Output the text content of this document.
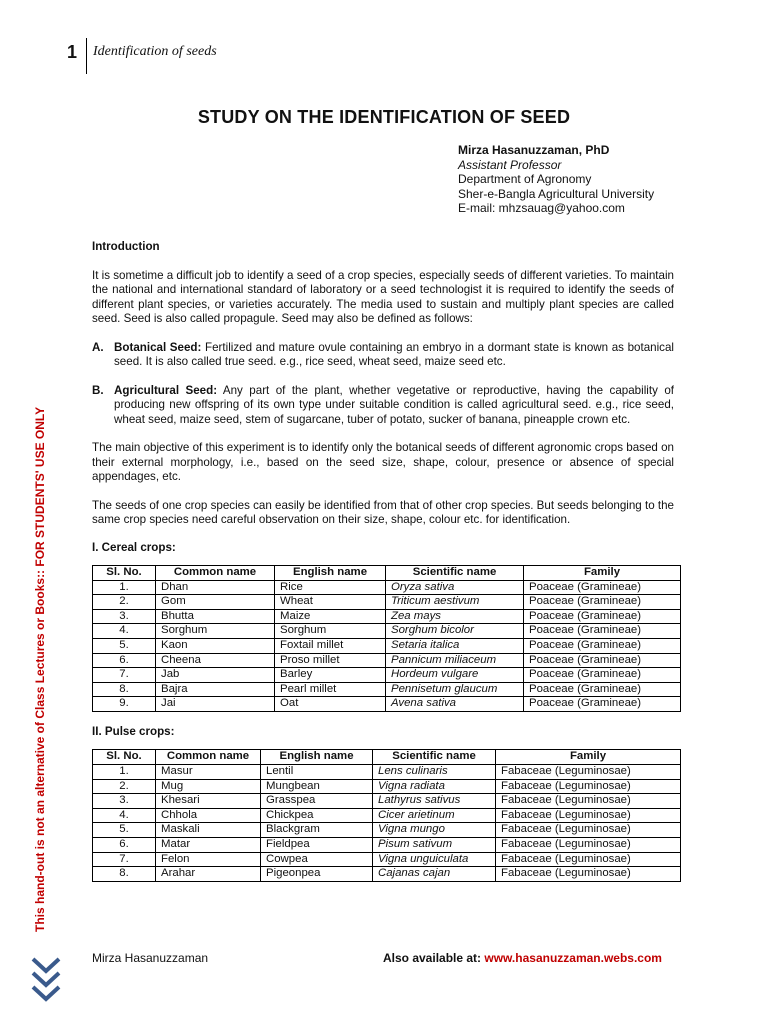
1 Identification of seeds
STUDY ON THE IDENTIFICATION OF SEED
Mirza Hasanuzzaman, PhD
Assistant Professor
Department of Agronomy
Sher-e-Bangla Agricultural University
E-mail: mhzsauag@yahoo.com

Introduction

It is sometime a difficult job to identify a seed of a crop species, especially seeds of different varieties. To maintain the national and international standard of laboratory or a seed technologist it is required to identify the seeds of different plant species, or varieties accurately. The media used to sustain and multiply plant species are called seed. Seed is also called propagule. Seed may also be defined as follows:

A. Botanical Seed: Fertilized and mature ovule containing an embryo in a dormant state is known as botanical seed. It is also called true seed. e.g., rice seed, wheat seed, maize seed etc.
B. Agricultural Seed: Any part of the plant, whether vegetative or reproductive, having the capability of producing new offspring of its own type under suitable condition is called agricultural seed. e.g., rice seed, wheat seed, maize seed, stem of sugarcane, tuber of potato, sucker of banana, pineapple crown etc.

The main objective of this experiment is to identify only the botanical seeds of different agronomic crops based on their external morphology, i.e., based on the seed size, shape, colour, presence or absence of special appendages, etc.

The seeds of one crop species can easily be identified from that of other crop species. But seeds belonging to the same crop species need careful observation on their size, shape, colour etc. for identification.

I. Cereal crops:

Sl. No.	Common name	English name	Scientific name	Family
1.	Dhan	Rice	Oryza sativa	Poaceae (Gramineae)
2.	Gom	Wheat	Triticum aestivum	Poaceae (Gramineae)
3.	Bhutta	Maize	Zea mays	Poaceae (Gramineae)
4.	Sorghum	Sorghum	Sorghum bicolor	Poaceae (Gramineae)
5.	Kaon	Foxtail millet	Setaria italica	Poaceae (Gramineae)
6.	Cheena	Proso millet	Pannicum miliaceum	Poaceae (Gramineae)
7.	Jab	Barley	Hordeum vulgare	Poaceae (Gramineae)
8.	Bajra	Pearl millet	Pennisetum glaucum	Poaceae (Gramineae)
9.	Jai	Oat	Avena sativa	Poaceae (Gramineae)

II. Pulse crops:

Sl. No.	Common name	English name	Scientific name	Family
1.	Masur	Lentil	Lens culinaris	Fabaceae (Leguminosae)
2.	Mug	Mungbean	Vigna radiata	Fabaceae (Leguminosae)
3.	Khesari	Grasspea	Lathyrus sativus	Fabaceae (Leguminosae)
4.	Chhola	Chickpea	Cicer arietinum	Fabaceae (Leguminosae)
5.	Maskali	Blackgram	Vigna mungo	Fabaceae (Leguminosae)
6.	Matar	Fieldpea	Pisum sativum	Fabaceae (Leguminosae)
7.	Felon	Cowpea	Vigna unguiculata	Fabaceae (Leguminosae)
8.	Arahar	Pigeonpea	Cajanas cajan	Fabaceae (Leguminosae)
This hand-out is not an alternative of Class Lectures or Books:: FOR STUDENTS' USE ONLY
Mirza Hasanuzzaman	Also available at: www.hasanuzzaman.webs.com
